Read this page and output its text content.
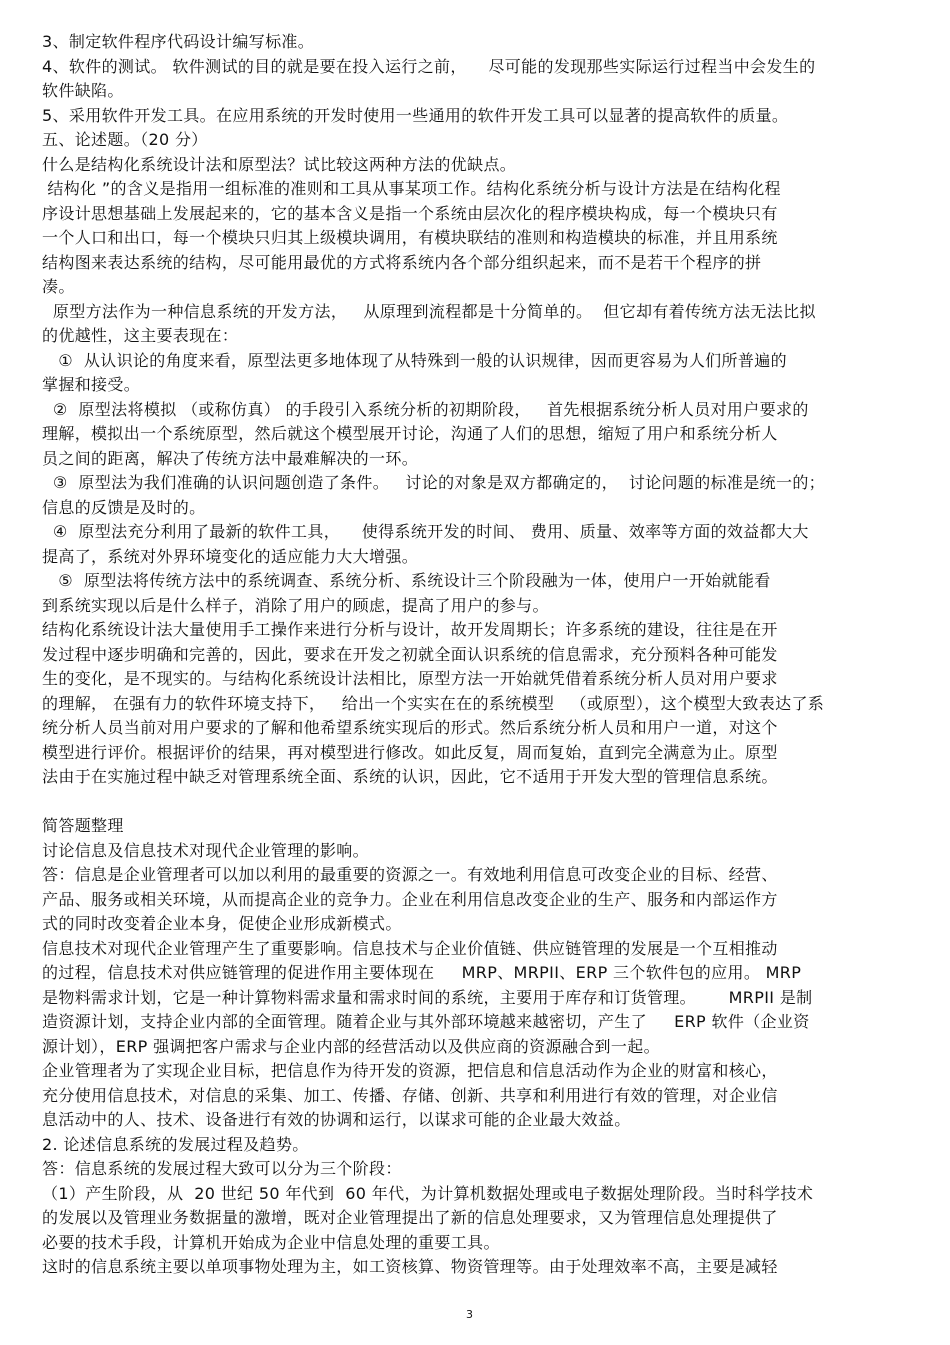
3、制定软件程序代码设计编写标准。
4、软件的测试。 软件测试的目的就是要在投入运行之前，    尽可能的发现那些实际运行过程当中会发生的
软件缺陷。
5、采用软件开发工具。在应用系统的开发时使用一些通用的软件开发工具可以显著的提高软件的质量。
五、论述题。（20 分）
什么是结构化系统设计法和原型法？试比较这两种方法的优缺点。
结构化 ”的含义是指用一组标准的准则和工具从事某项工作。结构化系统分析与设计方法是在结构化程
序设计思想基础上发展起来的，它的基本含义是指一个系统由层次化的程序模块构成，每一个模块只有
一个人口和出口，每一个模块只归其上级模块调用，有模块联结的准则和构造模块的标准，并且用系统
结构图来表达系统的结构，尽可能用最优的方式将系统内各个部分组织起来，而不是若干个程序的拼
凑。
原型方法作为一种信息系统的开发方法，   从原理到流程都是十分简单的。  但它却有着传统方法无法比拟
的优越性，这主要表现在：
①  从认识论的角度来看，原型法更多地体现了从特殊到一般的认识规律，因而更容易为人们所普遍的
掌握和接受。
②  原型法将模拟 （或称仿真） 的手段引入系统分析的初期阶段，   首先根据系统分析人员对用户要求的
理解，模拟出一个系统原型，然后就这个模型展开讨论，沟通了人们的思想，缩短了用户和系统分析人
员之间的距离，解决了传统方法中最难解决的一环。
③  原型法为我们准确的认识问题创造了条件。   讨论的对象是双方都确定的，  讨论问题的标准是统一的；
信息的反馈是及时的。
④  原型法充分利用了最新的软件工具，    使得系统开发的时间、 费用、质量、效率等方面的效益都大大
提高了，系统对外界环境变化的适应能力大大增强。
⑤  原型法将传统方法中的系统调查、系统分析、系统设计三个阶段融为一体，使用户一开始就能看
到系统实现以后是什么样子，消除了用户的顾虑，提高了用户的参与。
结构化系统设计法大量使用手工操作来进行分析与设计，故开发周期长；许多系统的建设，往往是在开
发过程中逐步明确和完善的，因此，要求在开发之初就全面认识系统的信息需求，充分预料各种可能发
生的变化，是不现实的。与结构化系统设计法相比，原型方法一开始就凭借着系统分析人员对用户要求
的理解， 在强有力的软件环境支持下，   给出一个实实在在的系统模型   （或原型），这个模型大致表达了系
统分析人员当前对用户要求的了解和他希望系统实现后的形式。然后系统分析人员和用户一道，对这个
模型进行评价。根据评价的结果，再对模型进行修改。如此反复，周而复始，直到完全满意为止。原型
法由于在实施过程中缺乏对管理系统全面、系统的认识，因此，它不适用于开发大型的管理信息系统。
简答题整理
讨论信息及信息技术对现代企业管理的影响。
答：信息是企业管理者可以加以利用的最重要的资源之一。有效地利用信息可改变企业的目标、经营、
产品、服务或相关环境，从而提高企业的竞争力。企业在利用信息改变企业的生产、服务和内部运作方
式的同时改变着企业本身，促使企业形成新模式。
信息技术对现代企业管理产生了重要影响。信息技术与企业价值链、供应链管理的发展是一个互相推动
的过程，信息技术对供应链管理的促进作用主要体现在     MRP、MRPII、ERP 三个软件包的应用。 MRP
是物料需求计划，它是一种计算物料需求量和需求时间的系统，主要用于库存和订货管理。      MRPII 是制
造资源计划，支持企业内部的全面管理。随着企业与其外部环境越来越密切，产生了     ERP 软件（企业资
源计划），ERP 强调把客户需求与企业内部的经营活动以及供应商的资源融合到一起。
企业管理者为了实现企业目标，把信息作为待开发的资源，把信息和信息活动作为企业的财富和核心，
充分使用信息技术，对信息的采集、加工、传播、存储、创新、共享和利用进行有效的管理，对企业信
息活动中的人、技术、设备进行有效的协调和运行，以谋求可能的企业最大效益。
2. 论述信息系统的发展过程及趋势。
答：信息系统的发展过程大致可以分为三个阶段：
（1）产生阶段，从  20 世纪 50 年代到  60 年代，为计算机数据处理或电子数据处理阶段。当时科学技术
的发展以及管理业务数据量的激增，既对企业管理提出了新的信息处理要求，又为管理信息处理提供了
必要的技术手段，计算机开始成为企业中信息处理的重要工具。
这时的信息系统主要以单项事物处理为主，如工资核算、物资管理等。由于处理效率不高，主要是减轻
3
